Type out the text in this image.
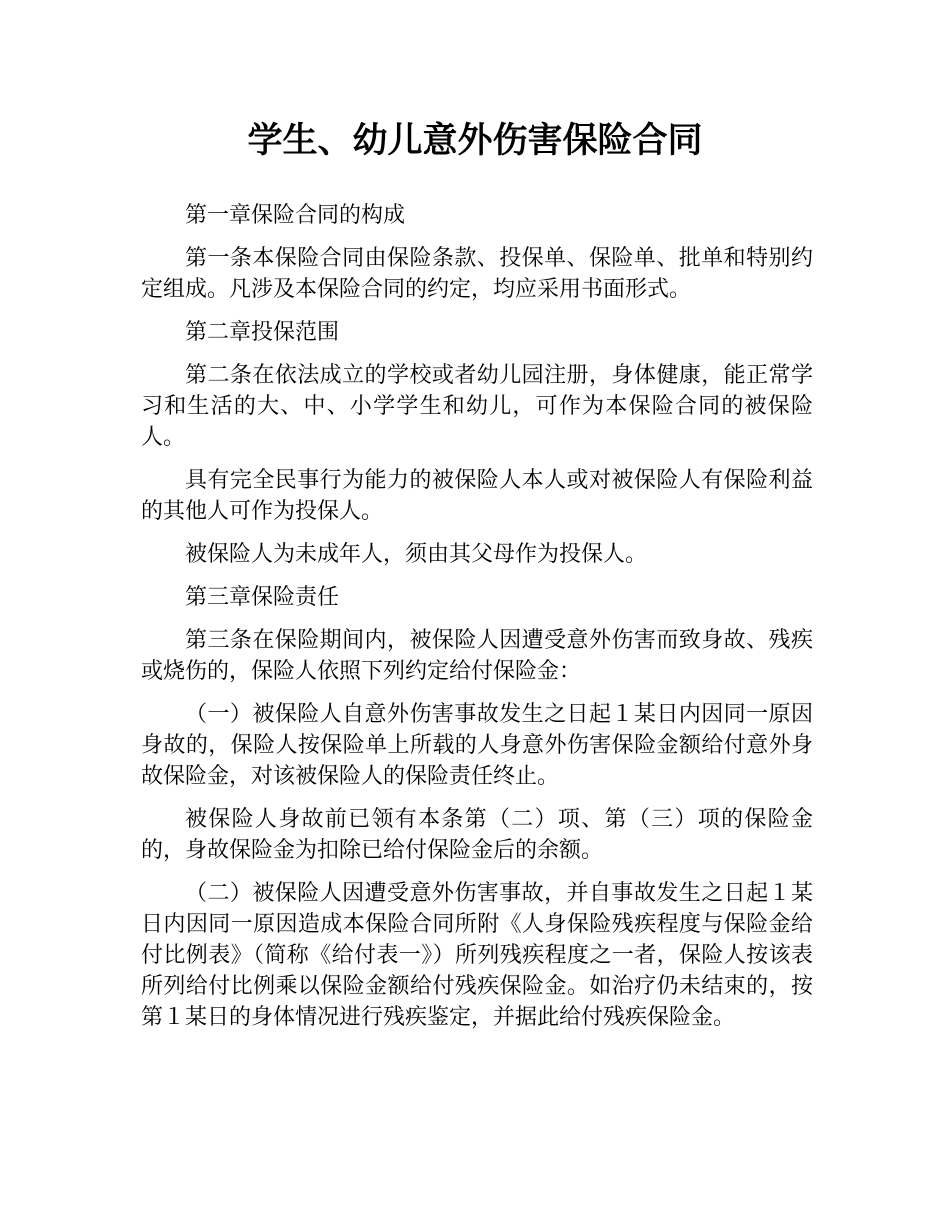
学生、幼儿意外伤害保险合同

第一章保险合同的构成

第一条本保险合同由保险条款、投保单、保险单、批单和特别约定组成。凡涉及本保险合同的约定，均应采用书面形式。

第二章投保范围

第二条在依法成立的学校或者幼儿园注册，身体健康，能正常学习和生活的大、中、小学学生和幼儿，可作为本保险合同的被保险人。

具有完全民事行为能力的被保险人本人或对被保险人有保险利益的其他人可作为投保人。

被保险人为未成年人，须由其父母作为投保人。

第三章保险责任

第三条在保险期间内，被保险人因遭受意外伤害而致身故、残疾或烧伤的，保险人依照下列约定给付保险金：

（一）被保险人自意外伤害事故发生之日起１某日内因同一原因身故的，保险人按保险单上所载的人身意外伤害保险金额给付意外身故保险金，对该被保险人的保险责任终止。

被保险人身故前已领有本条第（二）项、第（三）项的保险金的，身故保险金为扣除已给付保险金后的余额。

（二）被保险人因遭受意外伤害事故，并自事故发生之日起１某日内因同一原因造成本保险合同所附《人身保险残疾程度与保险金给付比例表》（简称《给付表一》）所列残疾程度之一者，保险人按该表所列给付比例乘以保险金额给付残疾保险金。如治疗仍未结束的，按第１某日的身体情况进行残疾鉴定，并据此给付残疾保险金。
